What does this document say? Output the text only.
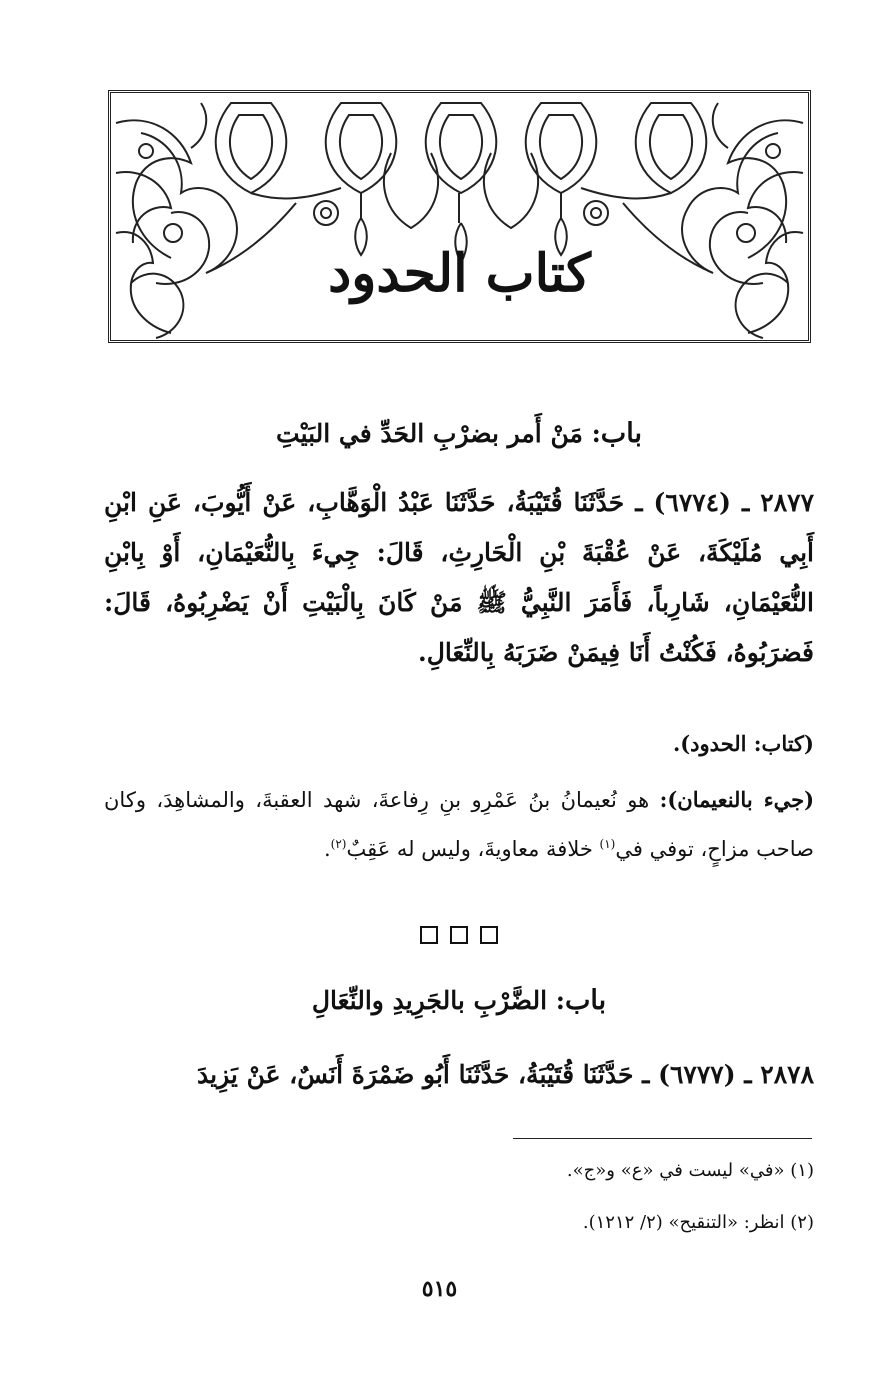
كتاب الحدود
باب: مَنْ أَمر بضرْبِ الحَدِّ في البَيْتِ
٢٨٧٧ ـ (٦٧٧٤) ـ حَدَّثَنَا قُتَيْبَةُ، حَدَّثَنَا عَبْدُ الْوَهَّابِ، عَنْ أَيُّوبَ، عَنِ ابْنِ أَبِي مُلَيْكَةَ، عَنْ عُقْبَةَ بْنِ الْحَارِثِ، قَالَ: جِيءَ بِالنُّعَيْمَانِ، أَوْ بِابْنِ النُّعَيْمَانِ، شَارِباً، فَأَمَرَ النَّبِيُّ ﷺ مَنْ كَانَ بِالْبَيْتِ أَنْ يَضْرِبُوهُ، قَالَ: فَضرَبُوهُ، فَكُنْتُ أَنَا فِيمَنْ ضَرَبَهُ بِالنِّعَالِ.
(كتاب: الحدود).
(جيء بالنعيمان): هو نُعيمانُ بنُ عَمْرِو بنِ رِفاعةَ، شهد العقبةَ، والمشاهِدَ، وكان صاحب مزاحٍ، توفي في$^{(١)}$ خلافة معاويةَ، وليس له عَقِبٌ$^{(٢)}$.
باب: الضَّرْبِ بالجَرِيدِ والنِّعَالِ
٢٨٧٨ ـ (٦٧٧٧) ـ حَدَّثَنَا قُتَيْبَةُ، حَدَّثَنَا أَبُو ضَمْرَةَ أَنَسٌ، عَنْ يَزِيدَ
(١) «في» ليست في «ع» و«ج».
(٢) انظر: «التنقيح» (٢/ ١٢١٢).
٥١٥
